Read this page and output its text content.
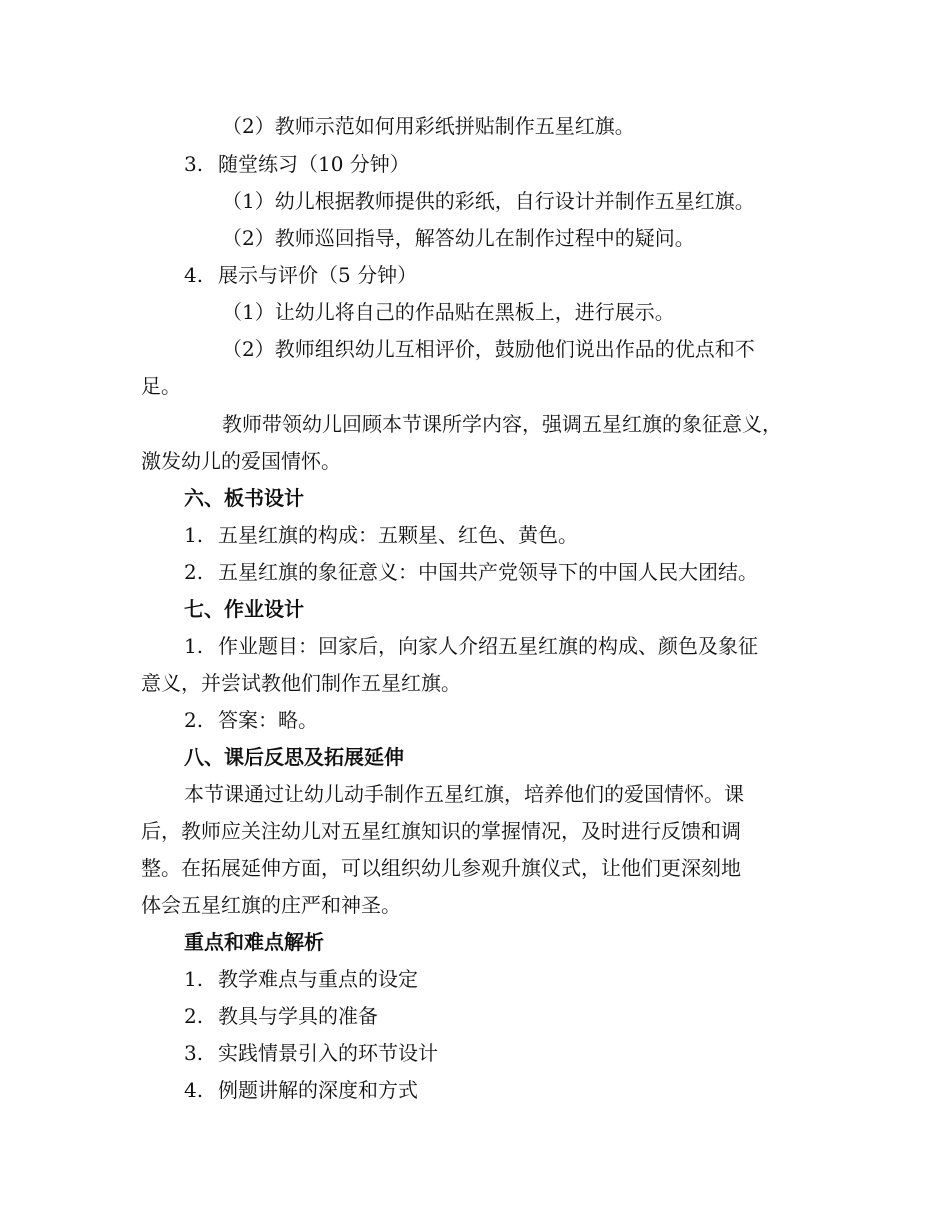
（2）教师示范如何用彩纸拼贴制作五星红旗。

3. 随堂练习（10 分钟）

（1）幼儿根据教师提供的彩纸，自行设计并制作五星红旗。

（2）教师巡回指导，解答幼儿在制作过程中的疑问。

4. 展示与评价（5 分钟）

（1）让幼儿将自己的作品贴在黑板上，进行展示。

（2）教师组织幼儿互相评价，鼓励他们说出作品的优点和不

足。

教师带领幼儿回顾本节课所学内容，强调五星红旗的象征意义，

激发幼儿的爱国情怀。

六、板书设计

1. 五星红旗的构成：五颗星、红色、黄色。

2. 五星红旗的象征意义：中国共产党领导下的中国人民大团结。

七、作业设计

1. 作业题目：回家后，向家人介绍五星红旗的构成、颜色及象征

意义，并尝试教他们制作五星红旗。

2. 答案：略。

八、课后反思及拓展延伸

本节课通过让幼儿动手制作五星红旗，培养他们的爱国情怀。课

后，教师应关注幼儿对五星红旗知识的掌握情况，及时进行反馈和调

整。在拓展延伸方面，可以组织幼儿参观升旗仪式，让他们更深刻地

体会五星红旗的庄严和神圣。

重点和难点解析

1. 教学难点与重点的设定

2. 教具与学具的准备

3. 实践情景引入的环节设计

4. 例题讲解的深度和方式
